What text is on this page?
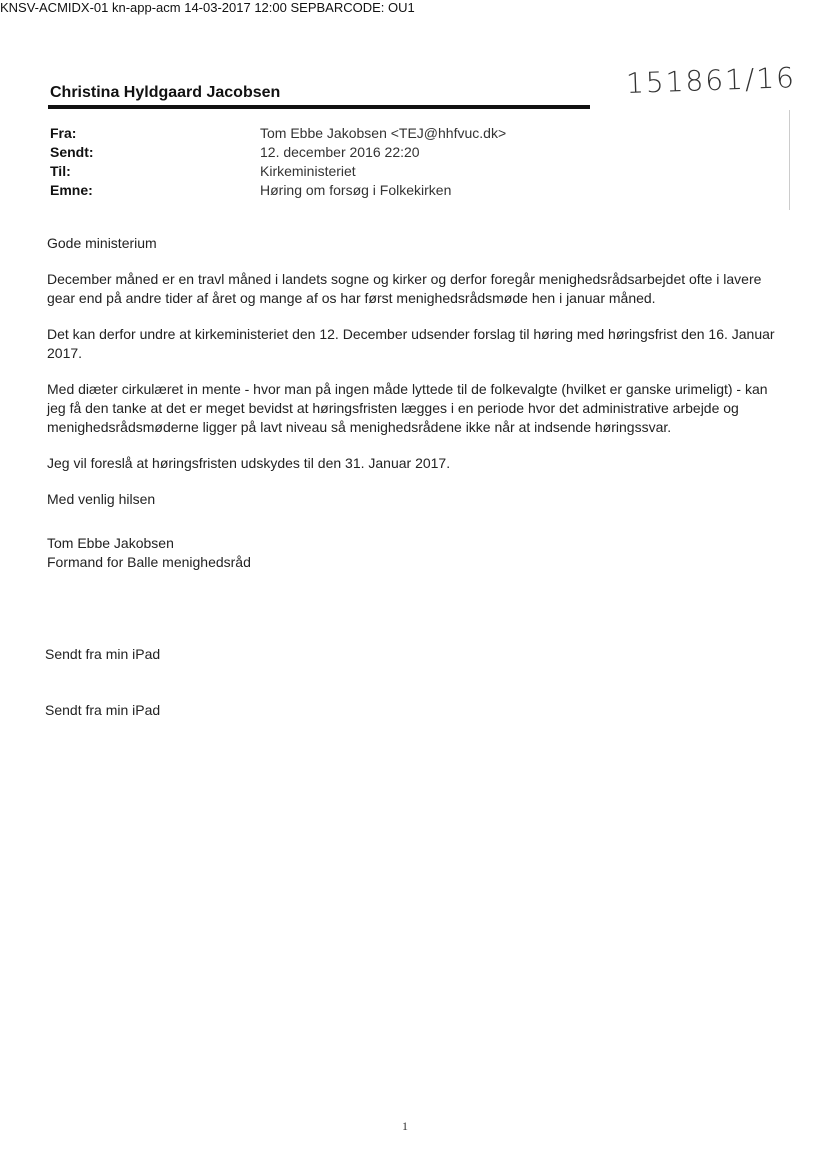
KNSV-ACMIDX-01 kn-app-acm 14-03-2017 12:00 SEPBARCODE: OU1
151861/16
Christina Hyldgaard Jacobsen
Fra:	Tom Ebbe Jakobsen <TEJ@hhfvuc.dk>
Sendt:	12. december 2016 22:20
Til:	Kirkeministeriet
Emne:	Høring om forsøg i Folkekirken

Gode ministerium

December måned er en travl måned i landets sogne og kirker og derfor foregår menighedsrådsarbejdet ofte i lavere gear end på andre tider af året og mange af os har først menighedsrådsmøde hen i januar måned.

Det kan derfor undre at kirkeministeriet den 12. December udsender forslag til høring med høringsfrist den 16. Januar 2017.

Med diæter cirkulæret in mente - hvor man på ingen måde lyttede til de folkevalgte (hvilket er ganske urimeligt) - kan jeg få den tanke at det er meget bevidst at høringsfristen lægges i en periode hvor det administrative arbejde og menighedsrådsmøderne ligger på lavt niveau så menighedsrådene ikke når at indsende høringssvar.

Jeg vil foreslå at høringsfristen udskydes til den 31. Januar 2017.

Med venlig hilsen

Tom Ebbe Jakobsen
Formand for Balle menighedsråd
Sendt fra min iPad
Sendt fra min iPad
1
